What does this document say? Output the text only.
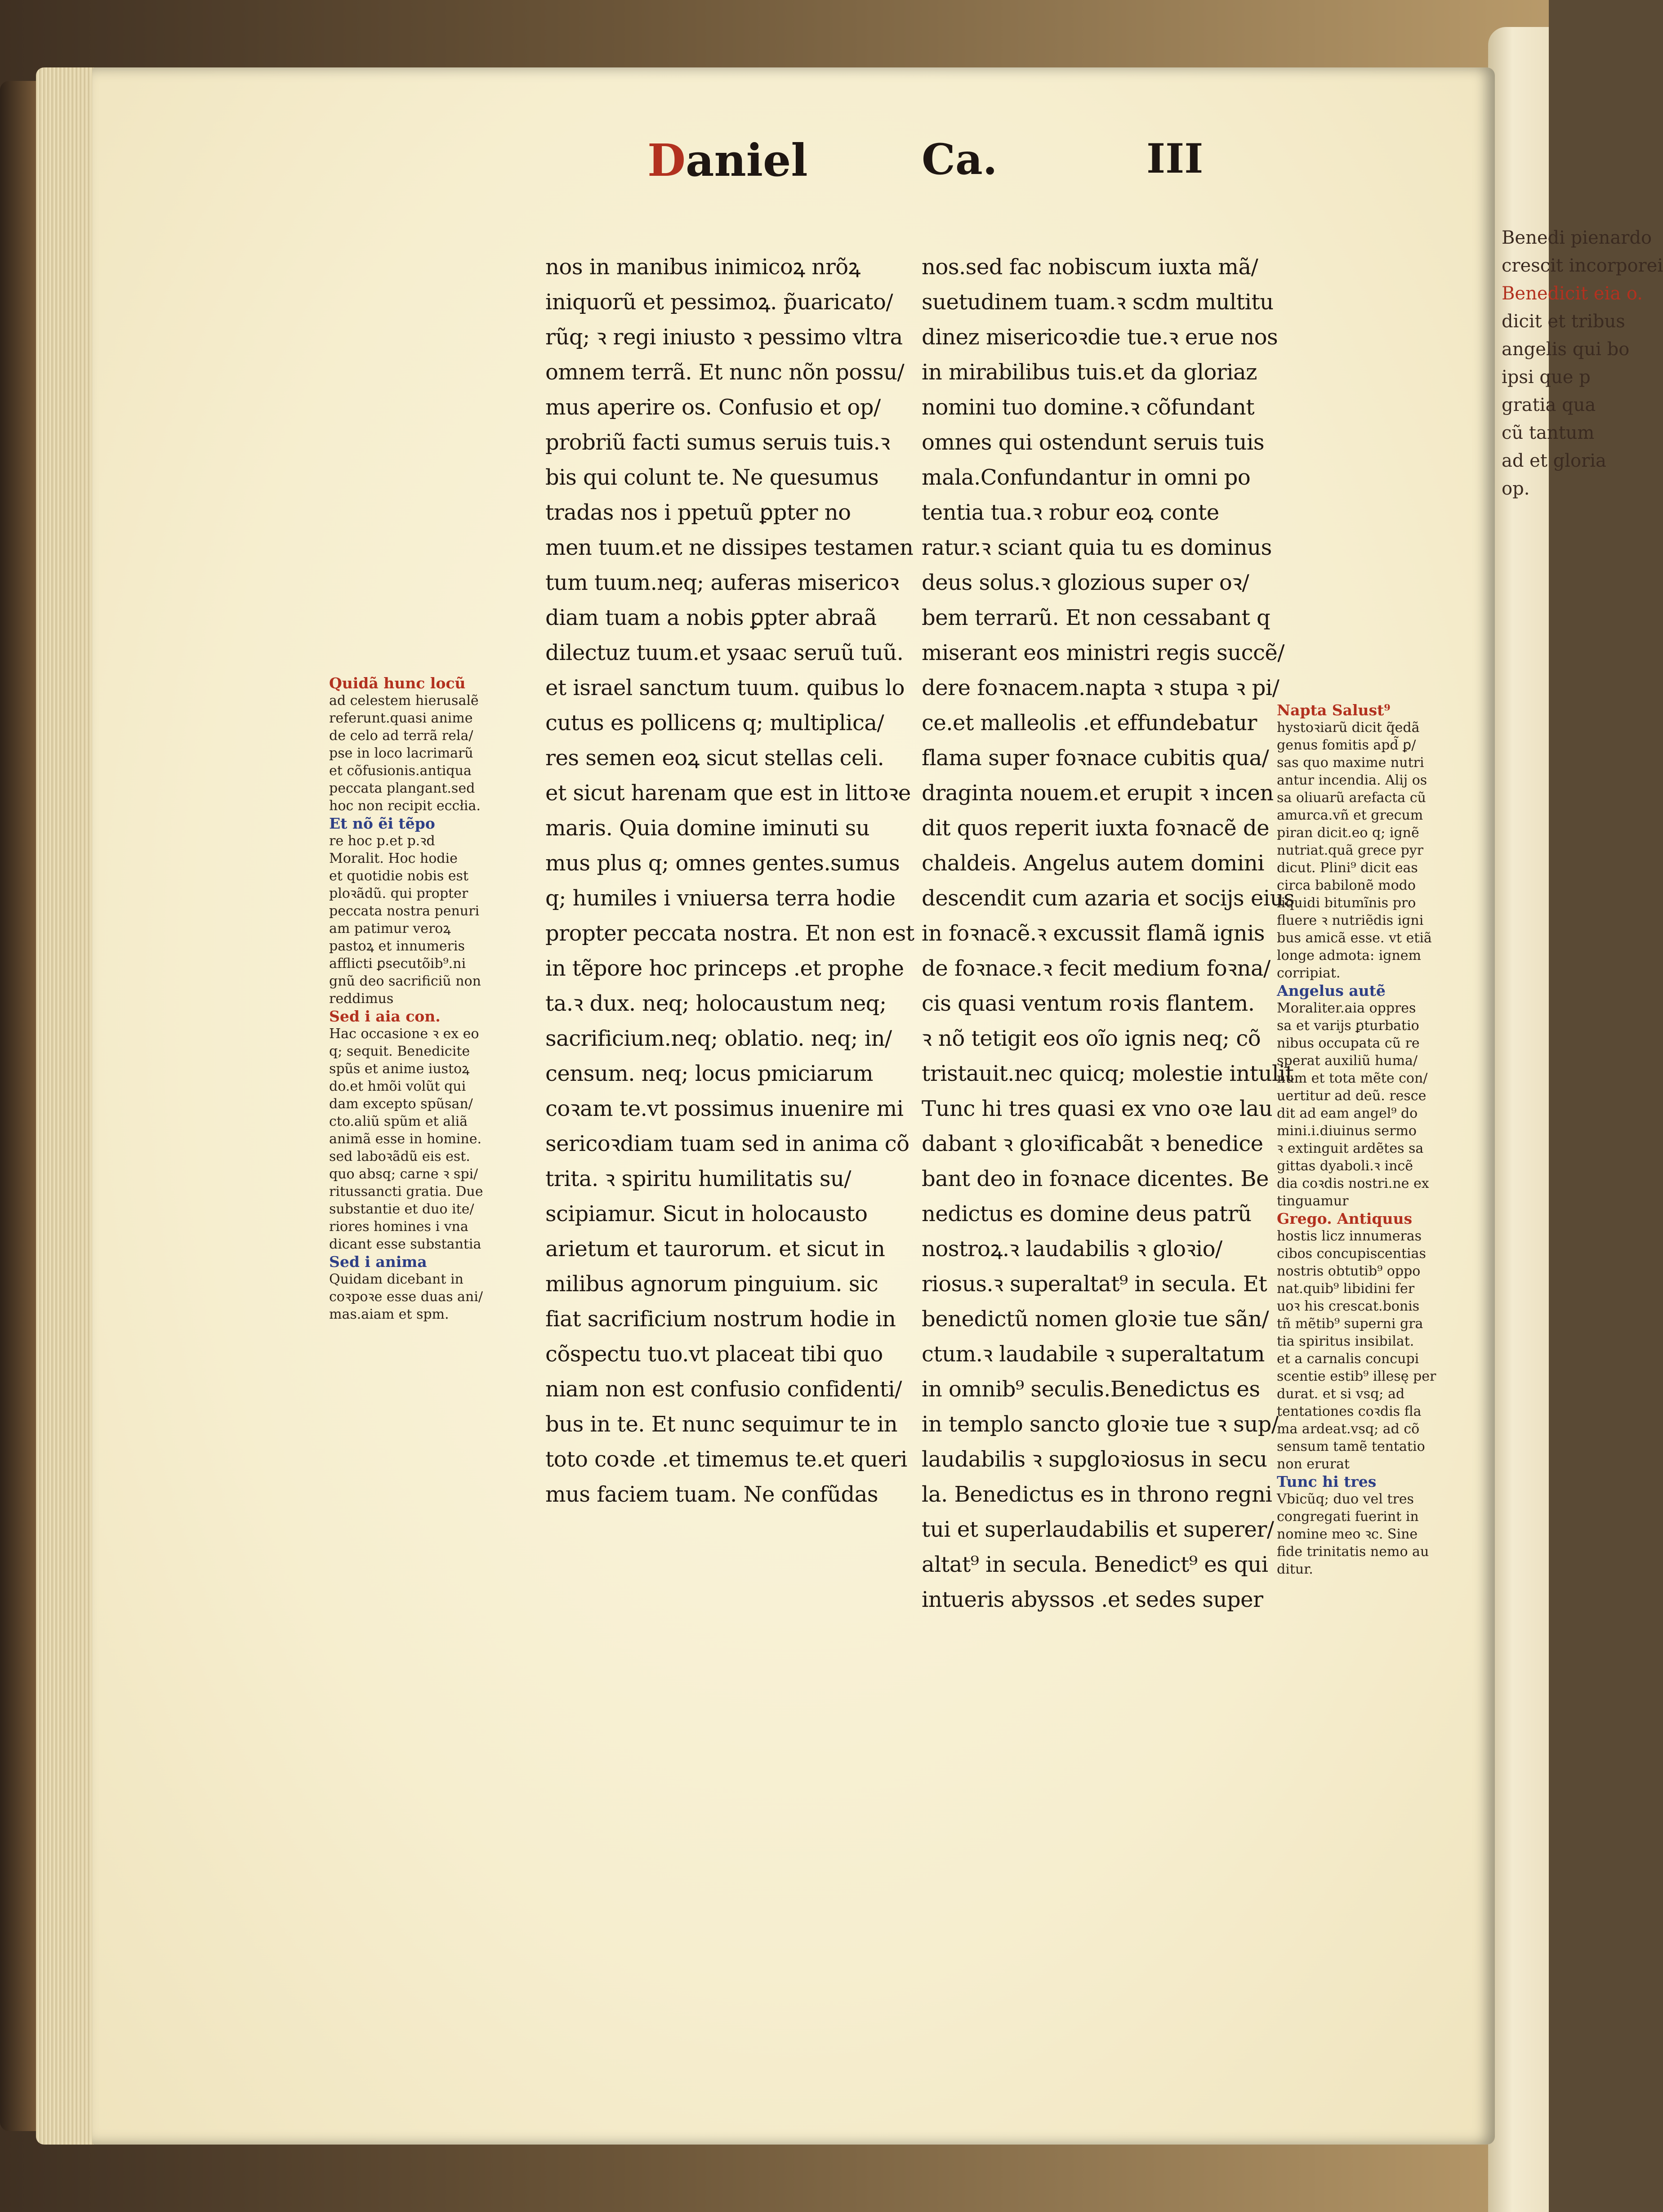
Benedi pienardo
crescit incorporei
Benedicit eia o.
dicit et tribus
angelis qui bo
ipsi que p
gratia qua
cũ tantum
ad et gloria
op.
Daniel	Ca.	III
nos in manibus inimicoꝝ nrõꝝ
iniquorũ et pessimoꝝ. p̃uaricato/
rũq; ꝛ regi iniusto ꝛ pessimo vltra
omnem terrã. Et nunc nõn possu/
mus aperire os. Confusio et op/
probriũ facti sumus seruis tuis.ꝛ
bis qui colunt te. Ne quesumus
tradas nos i ppetuũ ꝑpter no
men tuum.et ne dissipes testamen
tum tuum.neq; auferas misericoꝛ
diam tuam a nobis ꝑpter abraã
dilectuz tuum.et ysaac seruũ tuũ.
et israel sanctum tuum. quibus lo
cutus es pollicens q; multiplica/
res semen eoꝝ sicut stellas celi.
et sicut harenam que est in littoꝛe
maris. Quia domine iminuti su
mus plus q; omnes gentes.sumus
q; humiles i vniuersa terra hodie
propter peccata nostra. Et non est
in tẽpore hoc princeps .et prophe
ta.ꝛ dux. neq; holocaustum neq;
sacrificium.neq; oblatio. neq; in/
censum. neq; locus pmiciarum
coꝛam te.vt possimus inuenire mi
sericoꝛdiam tuam sed in anima cõ
trita. ꝛ spiritu humilitatis su/
scipiamur. Sicut in holocausto
arietum et taurorum. et sicut in
milibus agnorum pinguium. sic
fiat sacrificium nostrum hodie in
cõspectu tuo.vt placeat tibi quo
niam non est confusio confidenti/
bus in te. Et nunc sequimur te in
toto coꝛde .et timemus te.et queri
mus faciem tuam. Ne confũdas
nos.sed fac nobiscum iuxta mã/
suetudinem tuam.ꝛ scdm multitu
dinez misericoꝛdie tue.ꝛ erue nos
in mirabilibus tuis.et da gloriaz
nomini tuo domine.ꝛ cõfundant
omnes qui ostendunt seruis tuis
mala.Confundantur in omni po
tentia tua.ꝛ robur eoꝝ conte
ratur.ꝛ sciant quia tu es dominus
deus solus.ꝛ glozious super oꝛ/
bem terrarũ. Et non cessabant q
miserant eos ministri regis succẽ/
dere foꝛnacem.napta ꝛ stupa ꝛ pi/
ce.et malleolis .et effundebatur
flama super foꝛnace cubitis qua/
draginta nouem.et erupit ꝛ incen
dit quos reperit iuxta foꝛnacẽ de
chaldeis. Angelus autem domini
descendit cum azaria et socijs eius
in foꝛnacẽ.ꝛ excussit flamã ignis
de foꝛnace.ꝛ fecit medium foꝛna/
cis quasi ventum roꝛis flantem.
ꝛ nõ tetigit eos oĩo ignis neq; cõ
tristauit.nec quicq; molestie intulit
Tunc hi tres quasi ex vno oꝛe lau
dabant ꝛ gloꝛificabãt ꝛ benedice
bant deo in foꝛnace dicentes. Be
nedictus es domine deus patrũ
nostroꝝ.ꝛ laudabilis ꝛ gloꝛio/
riosus.ꝛ superaltat⁹ in secula. Et
benedictũ nomen gloꝛie tue sãn/
ctum.ꝛ laudabile ꝛ superaltatum
in omnib⁹ seculis.Benedictus es
in templo sancto gloꝛie tue ꝛ sup/
laudabilis ꝛ supgloꝛiosus in secu
la. Benedictus es in throno regni
tui et superlaudabilis et superer/
altat⁹ in secula. Benedict⁹ es qui
intueris abyssos .et sedes super
Quidã hunc locũ
ad celestem hierusalẽ
referunt.quasi anime
de celo ad terrã rela/
pse in loco lacrimarũ
et cõfusionis.antiqua
peccata plangant.sed
hoc non recipit eccłia.
Et nõ ẽi tẽpo
re hoc p.et p.ꝛd
Moralit. Hoc hodie
et quotidie nobis est
ploꝛãdũ. qui propter
peccata nostra penuri
am patimur veroꝝ
pastoꝝ et innumeris
afflicti ꝑsecutõib⁹.ni
gnũ deo sacrificiũ non
reddimus
Sed i aia con.
Hac occasione ꝛ ex eo
q; sequit. Benedicite
spũs et anime iustoꝝ
do.et hmõi volũt qui
dam excepto spũsan/
cto.aliũ spũm et aliã
animã esse in homine.
sed laboꝛãdũ eis est.
quo absq; carne ꝛ spi/
ritussancti gratia. Due
substantie et duo ite/
riores homines i vna
dicant esse substantia
Sed i anima
Quidam dicebant in
coꝛpoꝛe esse duas ani/
mas.aiam et spm.
Napta Salust⁹
hystoꝛiarũ dicit q̃edã
genus fomitis apd̃ ꝑ/
sas quo maxime nutri
antur incendia. Alij os
sa oliuarũ arefacta cũ
amurca.vñ et grecum
piran dicit.eo q; ignẽ
nutriat.quã grece pyr
dicut. Plini⁹ dicit eas
circa babilonẽ modo
liquidi bitumĩnis pro
fluere ꝛ nutriẽdis igni
bus amicã esse. vt etiã
longe admota: ignem
corripiat.
Angelus autẽ
Moraliter.aia oppres
sa et varijs ꝑturbatio
nibus occupata cũ re
sperat auxiliũ huma/
num et tota mẽte con/
uertitur ad deũ. resce
dit ad eam angel⁹ do
mini.i.diuinus sermo
ꝛ extinguit ardẽtes sa
gittas dyaboli.ꝛ incẽ
dia coꝛdis nostri.ne ex
tinguamur
Grego. Antiquus
hostis licz innumeras
cibos concupiscentias
nostris obtutib⁹ oppo
nat.quib⁹ libidini fer
uoꝛ his crescat.bonis
tñ mẽtib⁹ superni gra
tia spiritus insibilat.
et a carnalis concupi
scentie estib⁹ illesę per
durat. et si vsq; ad
tentationes coꝛdis fla
ma ardeat.vsq; ad cõ
sensum tamẽ tentatio
non erurat
Tunc hi tres
Vbicũq; duo vel tres
congregati fuerint in
nomine meo ꝛc. Sine
fide trinitatis nemo au
ditur.
